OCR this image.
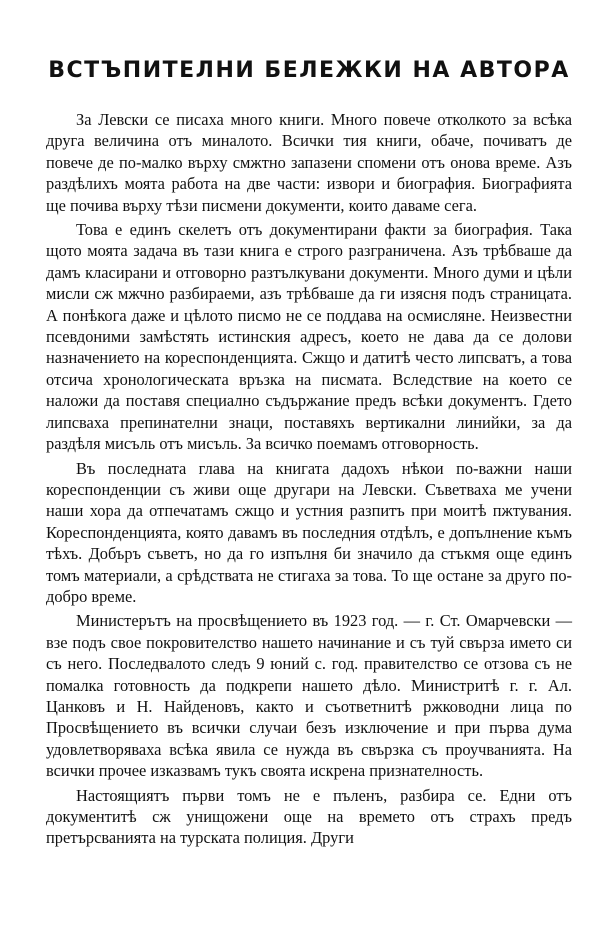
ВСТЪПИТЕЛНИ БЕЛЕЖКИ НА АВТОРА

За Левски се писаха много книги. Много повече отколкото за всѣка друга величина отъ миналото. Всички тия книги, обаче, почиватъ де повече де по-малко върху смжтно запазени спомени отъ онова време. Азъ раздѣлихъ моята работа на две части: извори и биография. Биографията ще почива върху тѣзи писмени документи, които даваме сега.

Това е единъ скелетъ отъ документирани факти за биография. Така щото моята задача въ тази книга е строго разграничена. Азъ трѣбваше да дамъ класирани и отговорно разтълкувани документи. Много думи и цѣли мисли сж мжчно разбираеми, азъ трѣбваше да ги изясня подъ страницата. А понѣкога даже и цѣлото писмо не се поддава на осмисляне. Неизвестни псевдоними замѣстять истинския адресъ, което не дава да се долови назначението на кореспонденцията. Сжщо и датитѣ често липсватъ, а това отсича хронологическата връзка на писмата. Вследствие на което се наложи да поставя специално съдържание предъ всѣки документъ. Гдето липсваха препинателни знаци, поставяхъ вертикални линийки, за да раздѣля мисъль отъ мисъль. За всичко поемамъ отговорность.

Въ последната глава на книгата дадохъ нѣкои по-важни наши кореспонденции съ живи още другари на Левски. Съветваха ме учени наши хора да отпечатамъ сжщо и устния разпитъ при моитѣ пжтувания. Кореспонденцията, която давамъ въ последния отдѣлъ, е допълнение къмъ тѣхъ. Добъръ съветъ, но да го изпълня би значило да стъкмя още единъ томъ материали, а срѣдствата не стигаха за това. То ще остане за друго по-добро време.

Министерътъ на просвѣщението въ 1923 год. — г. Ст. Омарчевски — взе подъ свое покровителство нашето начинание и съ туй свърза името си съ него. Последвалото следъ 9 юний с. год. правителство се отзова съ не помалка готовность да подкрепи нашето дѣло. Министритѣ г. г. Ал. Цанковъ и Н. Найденовъ, както и съответнитѣ ржководни лица по Просвѣщението въ всички случаи безъ изключение и при първа дума удовлетворяваха всѣка явила се нужда въ свързка съ проучванията. На всички прочее изказвамъ тукъ своята искрена признателность.

Настоящиятъ първи томъ не е пъленъ, разбира се. Едни отъ документитѣ сж унищожени още на времето отъ страхъ предъ претърсванията на турската полиция. Други
